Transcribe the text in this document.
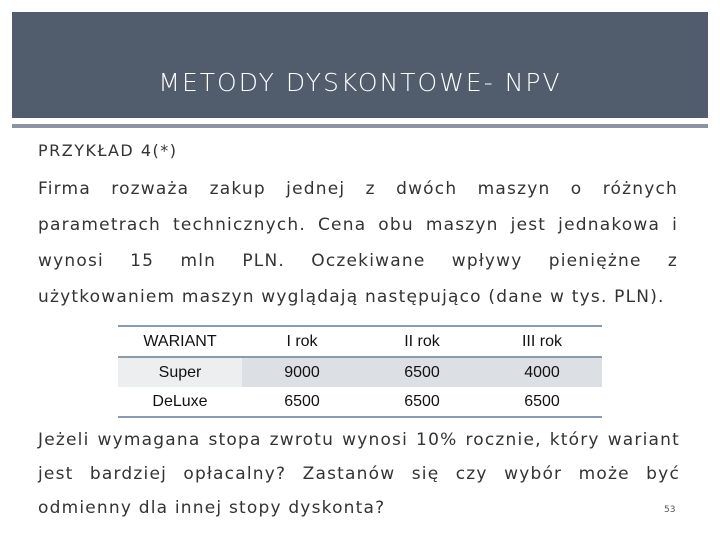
METODY DYSKONTOWE- NPV
PRZYKŁAD 4(*)

Firma rozważa zakup jednej z dwóch maszyn o różnych parametrach technicznych. Cena obu maszyn jest jednakowa i wynosi 15 mln PLN. Oczekiwane wpływy pieniężne z użytkowaniem maszyn wyglądają następująco (dane w tys. PLN).

WARIANT	I rok	II rok	III rok
Super	9000	6500	4000
DeLuxe	6500	6500	6500

Jeżeli wymagana stopa zwrotu wynosi 10% rocznie, który wariant jest bardziej opłacalny? Zastanów się czy wybór może być odmienny dla innej stopy dyskonta?	53
